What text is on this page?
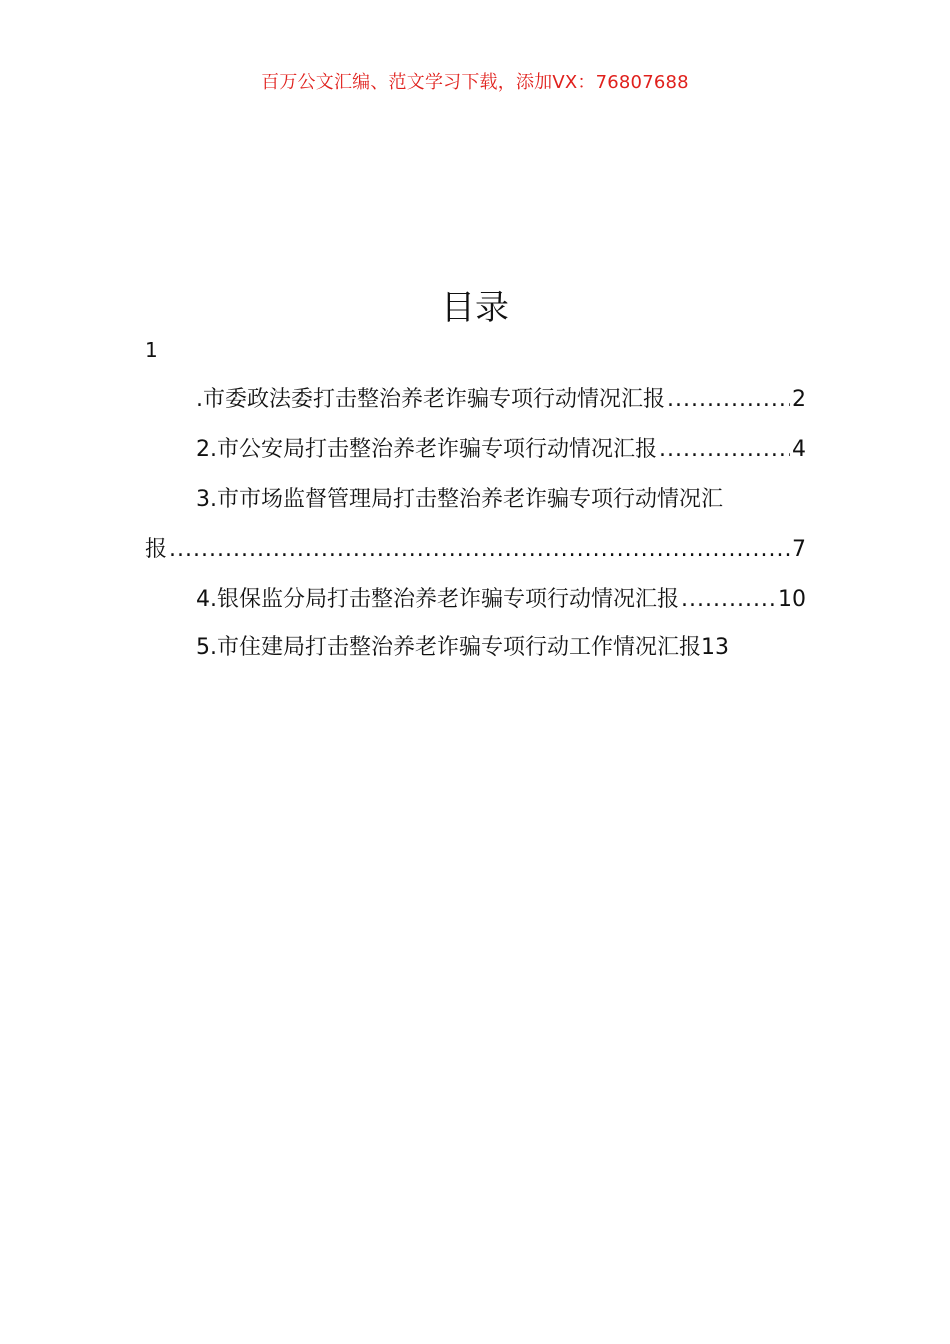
百万公文汇编、范文学习下载，添加VX：76807688
目录
1
.市委政法委打击整治养老诈骗专项行动情况汇报 .....	2
2.市公安局打击整治养老诈骗专项行动情况汇报 .....	4
3.市市场监督管理局打击整治养老诈骗专项行动情况汇
报 .....	7
4.银保监分局打击整治养老诈骗专项行动情况汇报 .....	10
5.市住建局打击整治养老诈骗专项行动工作情况汇报 13
